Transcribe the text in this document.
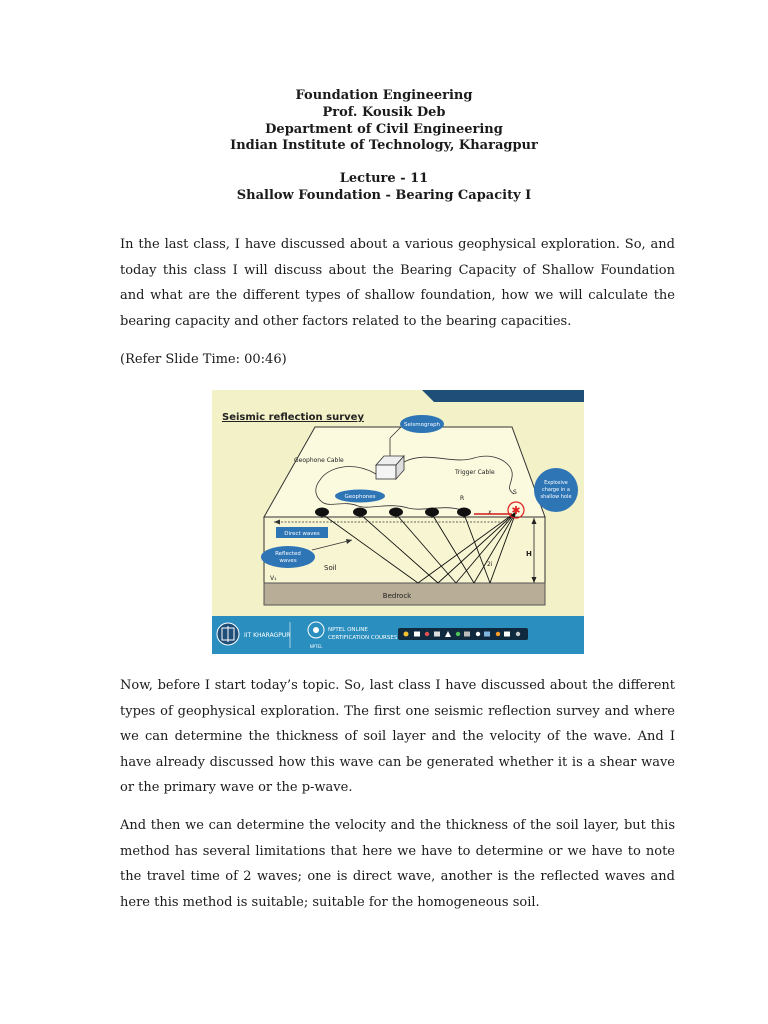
Foundation Engineering

Prof. Kousik Deb

Department of Civil Engineering

Indian Institute of Technology, Kharagpur

Lecture - 11

Shallow Foundation - Bearing Capacity I

In the last class, I have discussed about a various geophysical exploration. So, and today this class I will discuss about the Bearing Capacity of Shallow Foundation and what are the different types of shallow foundation, how we will calculate the bearing capacity and other factors related to the bearing capacities.

(Refer Slide Time: 00:46)

Seismic reflection survey
Bedrock
Seismograph
Geophone Cable
Trigger Cable
Geophones	R
S
x
Explosive
charge in a
shallow hole
✱
Direct waves
Reflected
waves
Soil
V₁
H
2i
IIT KHARAGPUR
NPTEL
NPTEL ONLINE
CERTIFICATION COURSES

Now, before I start today’s topic. So, last class I have discussed about the different types of geophysical exploration. The first one seismic reflection survey and where we can determine the thickness of soil layer and the velocity of the wave. And I have already discussed how this wave can be generated whether it is a shear wave or the primary wave or the p-wave.

And then we can determine the velocity and the thickness of the soil layer, but this method has several limitations that here we have to determine or we have to note the travel time of 2 waves; one is direct wave, another is the reflected waves and here this method is suitable; suitable for the homogeneous soil.
